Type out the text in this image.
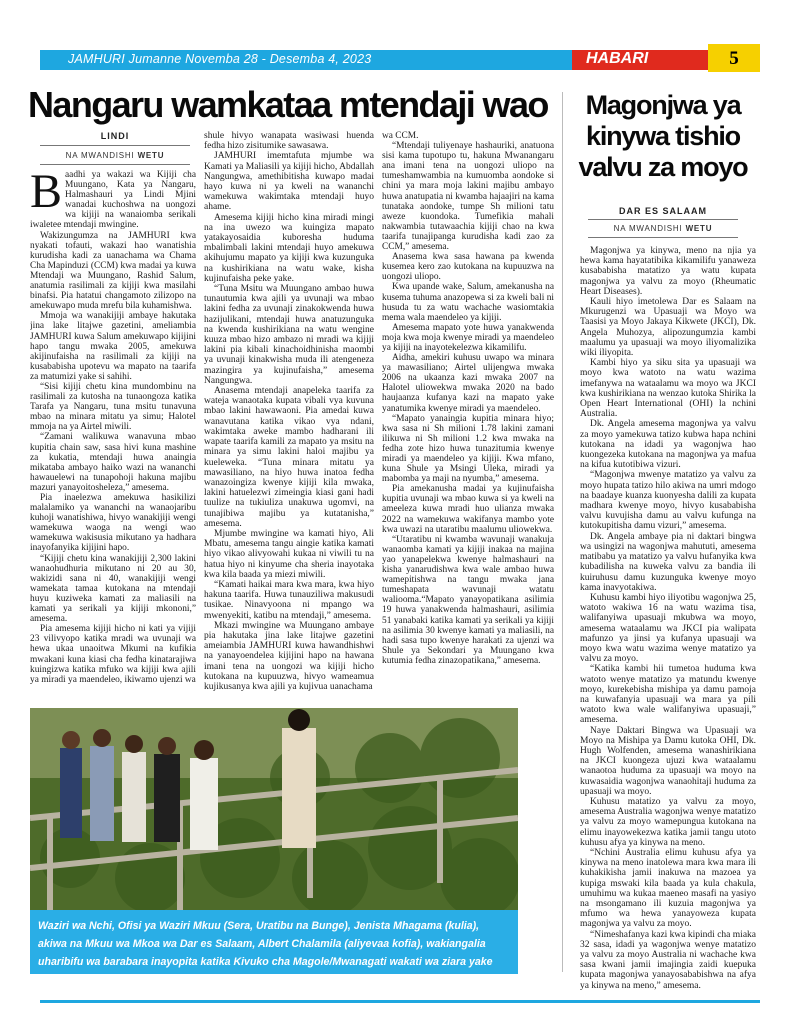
JAMHURI Jumanne Novemba 28 - Desemba 4, 2023	HABARI	5
Nangaru wamkataa mtendaji wao
LINDI
NA MWANDISHI WETU
B aadhi ya wakazi wa Kijiji cha Muungano, Kata ya Nangaru, Halmashauri ya Lindi Mjini wanadai kuchoshwa na uongozi wa kijiji na wanaiomba serikali iwaletee mtendaji mwingine.

Wakizungumza na JAMHURI kwa nyakati tofauti, wakazi hao wanatishia kurudisha kadi za uanachama wa Chama Cha Mapinduzi (CCM) kwa madai ya kuwa Mtendaji wa Muungano, Rashid Salum, anatumia rasilimali za kijiji kwa masilahi binafsi. Pia hatatui changamoto zilizopo na amekuwapo muda mrefu bila kuhamishwa.

Mmoja wa wanakijiji ambaye hakutaka jina lake litajwe gazetini, ameliambia JAMHURI kuwa Salum amekuwapo kijijini hapo tangu mwaka 2005, amekuwa akijinufaisha na rasilimali za kijiji na kusababisha upotevu wa mapato na taarifa za matumizi yake si sahihi.

“Sisi kijiji chetu kina mundombinu na rasilimali za kutosha na tunaongoza katika Tarafa ya Nangaru, tuna msitu tunavuna mbao na minara mitatu ya simu; Halotel mmoja na ya Airtel miwili.

“Zamani walikuwa wanavuna mbao kupitia chain saw, sasa hivi kuna mashine za kukatia, mtendaji huwa anaingia mikataba ambayo haiko wazi na wananchi hawauelewi na tunapohoji hakuna majibu mazuri yanayoitosheleza,” amesema.

Pia inaelezwa amekuwa hasikilizi malalamiko ya wananchi na wanaojaribu kuhoji wanatishiwa, hivyo wanakijiji wengi wamekuwa waoga na wengi wao wamekuwa wakisusia mikutano ya hadhara inayofanyika kijijini hapo.

“Kijiji chetu kina wanakijiji 2,300 lakini wanaohudhuria mikutano ni 20 au 30, wakizidi sana ni 40, wanakijiji wengi wamekata tamaa kutokana na mtendaji huyu kuziweka kamati za maliasili na kamati ya serikali ya kijiji mkononi,” amesema.

Pia amesema kijiji hicho ni kati ya vijiji 23 vilivyopo katika mradi wa uvunaji wa hewa ukaa unaoitwa Mkumi na kufikia mwakani kuna kiasi cha fedha kinatarajiwa kuingizwa katika mfuko wa kijiji kwa ajili ya miradi ya maendeleo, ikiwamo ujenzi wa

shule hivyo wanapata wasiwasi huenda fedha hizo zisitumike sawasawa.

JAMHURI imemtafuta mjumbe wa Kamati ya Maliasili ya kijiji hicho, Abdallah Nangungwa, amethibitisha kuwapo madai hayo kuwa ni ya kweli na wananchi wamekuwa wakimtaka mtendaji huyo ahame.

Amesema kijiji hicho kina miradi mingi na ina uwezo wa kuingiza mapato yatakayosaidia kuboresha huduma mbalimbali lakini mtendaji huyo amekuwa akihujumu mapato ya kijiji kwa kuzunguka na kushirikiana na watu wake, kisha kujinufaisha peke yake.

“Tuna Msitu wa Muungano ambao huwa tunautumia kwa ajili ya uvunaji wa mbao lakini fedha za uvunaji zinakokwenda huwa hazijulikani, mtendaji huwa anatuzunguka na kwenda kushirikiana na watu wengine kuuza mbao hizo ambazo ni mradi wa kijiji lakini pia kibali kinachoidhinisha maombi ya uvunaji kinakwisha muda ili atengeneza mazingira ya kujinufaisha,” amesema Nangungwa.

Anasema mtendaji anapeleka taarifa za wateja wanaotaka kupata vibali vya kuvuna mbao lakini hawawaoni. Pia amedai kuwa wanavutana katika vikao vya ndani, wakimtaka aweke mambo hadharani ili wapate taarifa kamili za mapato ya msitu na minara ya simu lakini haloi majibu ya kueleweka. “Tuna minara mitatu ya mawasiliano, na hiyo huwa inatoa fedha wanazoingiza kwenye kijiji kila mwaka, lakini hatuelezwi zimeingia kiasi gani hadi tuulize na tukiuliza unakuwa ugomvi, na tunajibiwa majibu ya kutatanisha,” amesema.

Mjumbe mwingine wa kamati hiyo, Ali Mbatu, amesema tangu aingie katika kamati hiyo vikao alivyowahi kukaa ni viwili tu na hatua hiyo ni kinyume cha sheria inayotaka kwa kila baada ya miezi miwili.

“Kamati haikai mara kwa mara, kwa hiyo hakuna taarifa. Huwa tunauziliwa makusudi tusikae. Ninavyoona ni mpango wa mwenyekiti, katibu na mtendaji,” amesema.

Mkazi mwingine wa Muungano ambaye pia hakutaka jina lake litajwe gazetini ameiambia JAMHURI kuwa hawandhishwi na yanayoendelea kijijini hapo na hawana imani tena na uongozi wa kijiji hicho kutokana na kupuuzwa, hivyo wameamua kujikusanya kwa ajili ya kujivua uanachama

wa CCM.

“Mtendaji tuliyenaye hashauriki, anatuona sisi kama tupotupo tu, hakuna Mwanangaru ana imani tena na uongozi uliopo na tumeshamwambia na kumuomba aondoke si chini ya mara moja lakini majibu ambayo huwa anatupatia ni kwamba hajaajiri na kama tunataka aondoke, tumpe Sh milioni tatu aweze kuondoka. Tumefikia mahali nakwambia tutawaachia kijiji chao na kwa taarifa tunajipanga kurudisha kadi zao za CCM,” amesema.

Anasema kwa sasa hawana pa kwenda kusemea kero zao kutokana na kupuuzwa na uongozi uliopo.

Kwa upande wake, Salum, amekanusha na kusema tuhuma anazopewa si za kweli bali ni husuda tu za watu wachache wasiomtakia mema wala maendeleo ya kijiji.

Amesema mapato yote huwa yanakwenda moja kwa moja kwenye miradi ya maendeleo ya kijiji na inayotekelezwa kikamilifu.

Aidha, amekiri kuhusu uwapo wa minara ya mawasiliano; Airtel ulijengwa mwaka 2006 na ukaanza kazi mwaka 2007 na Halotel uliowekwa mwaka 2020 na bado haujaanza kufanya kazi na mapato yake yanatumika kwenye miradi ya maendeleo.

“Mapato yanaingia kupitia minara hiyo; kwa sasa ni Sh milioni 1.78 lakini zamani ilikuwa ni Sh milioni 1.2 kwa mwaka na fedha zote hizo huwa tunazitumia kwenye miradi ya maendeleo ya kijiji. Kwa mfano, kuna Shule ya Msingi Uleka, miradi ya mabomba ya maji na nyumba,” amesema.

Pia amekanusha madai ya kujinufaisha kupitia uvunaji wa mbao kuwa si ya kweli na ameeleza kuwa mradi huo ulianza mwaka 2022 na wamekuwa wakifanya mambo yote kwa uwazi na utaratibu maalumu uliowekwa.

“Utaratibu ni kwamba wavunaji wanakuja wanaomba kamati ya kijiji inakaa na majina yao yanapelekwa kwenye halmashauri na kisha yanarudishwa kwa wale ambao huwa wamepitishwa na tangu mwaka jana tumeshapata wavunaji watatu waliooma.“Mapato yanayopatikana asilimia 19 huwa yanakwenda halmashauri, asilimia 51 yanabaki katika kamati ya serikali ya kijiji na asilimia 30 kwenye kamati ya maliasili, na hadi sasa tupo kwenye harakati za ujenzi wa Shule ya Sekondari ya Muungano kwa kutumia fedha zinazopatikana,” amesema.

Waziri wa Nchi, Ofisi ya Waziri Mkuu (Sera, Uratibu na Bunge), Jenista Mhagama (kulia), akiwa na Mkuu wa Mkoa wa Dar es Salaam, Albert Chalamila (aliyevaa kofia), wakiangalia uharibifu wa barabara inayopita katika Kivuko cha Magole/Mwanagati wakati wa ziara yake jijini Dar es Salaam.
Magonjwa ya kinywa tishio valvu za moyo
DAR ES SALAAM
NA MWANDISHI WETU

Magonjwa ya kinywa, meno na njia ya hewa kama hayatatibika kikamilifu yanaweza kusababisha matatizo ya watu kupata magonjwa ya valvu za moyo (Rheumatic Heart Diseases).

Kauli hiyo imetolewa Dar es Salaam na Mkurugenzi wa Upasuaji wa Moyo wa Taasisi ya Moyo Jakaya Kikwete (JKCI), Dk. Angela Muhozya, alipozungumzia kambi maalumu ya upasuaji wa moyo iliyomalizika wiki iliyopita.

Kambi hiyo ya siku sita ya upasuaji wa moyo kwa watoto na watu wazima imefanywa na wataalamu wa moyo wa JKCI kwa kushirikiana na wenzao kutoka Shirika la Open Heart International (OHI) la nchini Australia.

Dk. Angela amesema magonjwa ya valvu za moyo yamekuwa tatizo kubwa hapa nchini kutokana na idadi ya wagonjwa hao kuongezeka kutokana na magonjwa ya mafua na kifua kutotibiwa vizuri.

“Magonjwa mwenye matatizo ya valvu za moyo hupata tatizo hilo akiwa na umri mdogo na baadaye kuanza kuonyesha dalili za kupata madhara kwenye moyo, hivyo kusababisha valvu kuvujisha damu au valvu kufunga na kutokupitisha damu vizuri,” amesema.

Dk. Angela ambaye pia ni daktari bingwa wa usingizi na wagonjwa mahututi, amesema matibabu ya matatizo ya valvu hufanyika kwa kubadilisha na kuweka valvu za bandia ili kuiruhusu damu kuzunguka kwenye moyo kama inavyotakiwa.

Kuhusu kambi hiyo iliyotibu wagonjwa 25, watoto wakiwa 16 na watu wazima tisa, walifanyiwa upasuaji mkubwa wa moyo, amesema wataalamu wa JKCI pia walipata mafunzo ya jinsi ya kufanya upasuaji wa moyo kwa watu wazima wenye matatizo ya valvu za moyo.

“Katika kambi hii tumetoa huduma kwa watoto wenye matatizo ya matundu kwenye moyo, kurekebisha mishipa ya damu pamoja na kuwafanyia upasuaji wa mara ya pili watoto kwa wale walifanyiwa upasuaji,” amesema.

Naye Daktari Bingwa wa Upasuaji wa Moyo na Mishipa ya Damu kutoka OHI, Dk. Hugh Wolfenden, amesema wanashirikiana na JKCI kuongeza ujuzi kwa wataalamu wanaotoa huduma za upasuaji wa moyo na kuwasaidia wagonjwa wanaohitaji huduma za upasuaji wa moyo.

Kuhusu matatizo ya valvu za moyo, amesema Australia wagonjwa wenye matatizo ya valvu za moyo wamepungua kutokana na elimu inayowekezwa katika jamii tangu utoto kuhusu afya ya kinywa na meno.

“Nchini Australia elimu kuhusu afya ya kinywa na meno inatolewa mara kwa mara ili kuhakikisha jamii inakuwa na mazoea ya kupiga mswaki kila baada ya kula chakula, umuhimu wa kukaa maeneo masafi na yasiyo na msongamano ili kuzuia magonjwa ya mfumo wa hewa yanayoweza kupata magonjwa ya valvu za moyo.

“Nimeshafanya kazi kwa kipindi cha miaka 32 sasa, idadi ya wagonjwa wenye matatizo ya valvu za moyo Australia ni wachache kwa sasa kwani jamii imajingia zaidi kuepuka kupata magonjwa yanayosababishwa na afya ya kinywa na meno,” amesema.
